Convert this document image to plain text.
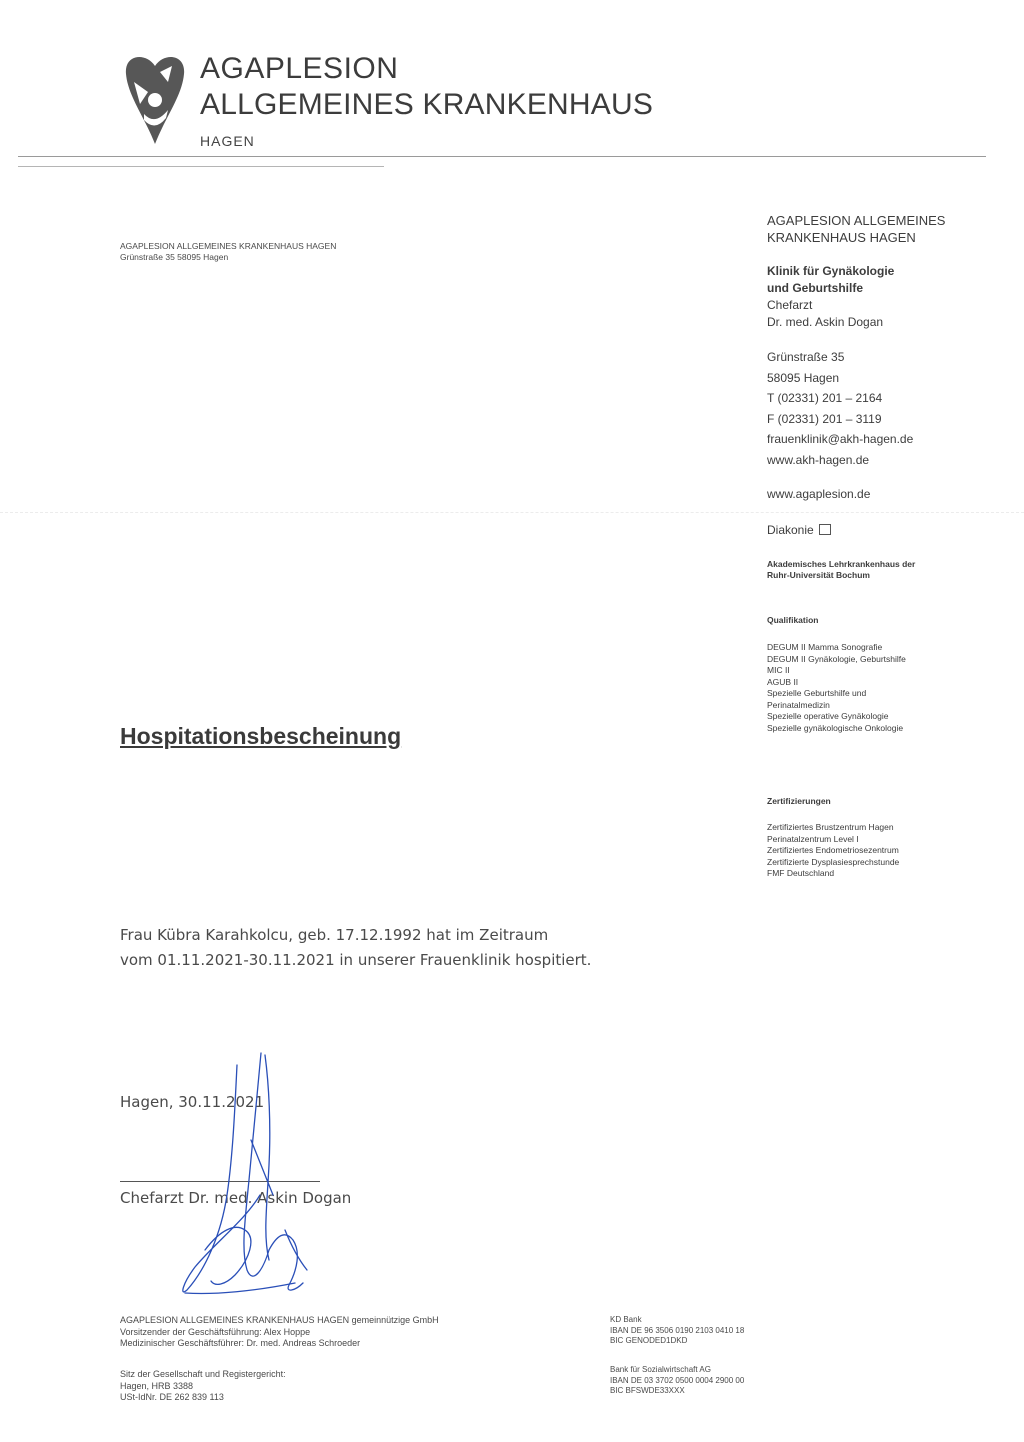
AGAPLESION
ALLGEMEINES KRANKENHAUS
HAGEN
AGAPLESION ALLGEMEINES KRANKENHAUS HAGEN
Grünstraße 35 58095 Hagen
AGAPLESION ALLGEMEINES
KRANKENHAUS HAGEN
Klinik für Gynäkologie
und Geburtshilfe
Chefarzt
Dr. med. Askin Dogan
Grünstraße 35
58095 Hagen
T (02331) 201 – 2164
F (02331) 201 – 3119
frauenklinik@akh-hagen.de
www.akh-hagen.de
www.agaplesion.de
Diakonie
Akademisches Lehrkrankenhaus der
Ruhr-Universität Bochum
Qualifikation
DEGUM II Mamma Sonografie
DEGUM II Gynäkologie, Geburtshilfe
MIC II
AGUB II
Spezielle Geburtshilfe und
Perinatalmedizin
Spezielle operative Gynäkologie
Spezielle gynäkologische Onkologie
Zertifizierungen
Zertifiziertes Brustzentrum Hagen
Perinatalzentrum Level I
Zertifiziertes Endometriosezentrum
Zertifizierte Dysplasiesprechstunde
FMF Deutschland
Hospitationsbescheinung
Frau Kübra Karahkolcu, geb. 17.12.1992 hat im Zeitraum
vom 01.11.2021-30.11.2021 in unserer Frauenklinik hospitiert.
Hagen, 30.11.2021
Chefarzt Dr. med. Askin Dogan
AGAPLESION ALLGEMEINES KRANKENHAUS HAGEN gemeinnützige GmbH
Vorsitzender der Geschäftsführung: Alex Hoppe
Medizinischer Geschäftsführer: Dr. med. Andreas Schroeder
Sitz der Gesellschaft und Registergericht:
Hagen, HRB 3388
USt-IdNr. DE 262 839 113
KD Bank
IBAN DE 96 3506 0190 2103 0410 18
BIC GENODED1DKD
Bank für Sozialwirtschaft AG
IBAN DE 03 3702 0500 0004 2900 00
BIC BFSWDE33XXX
